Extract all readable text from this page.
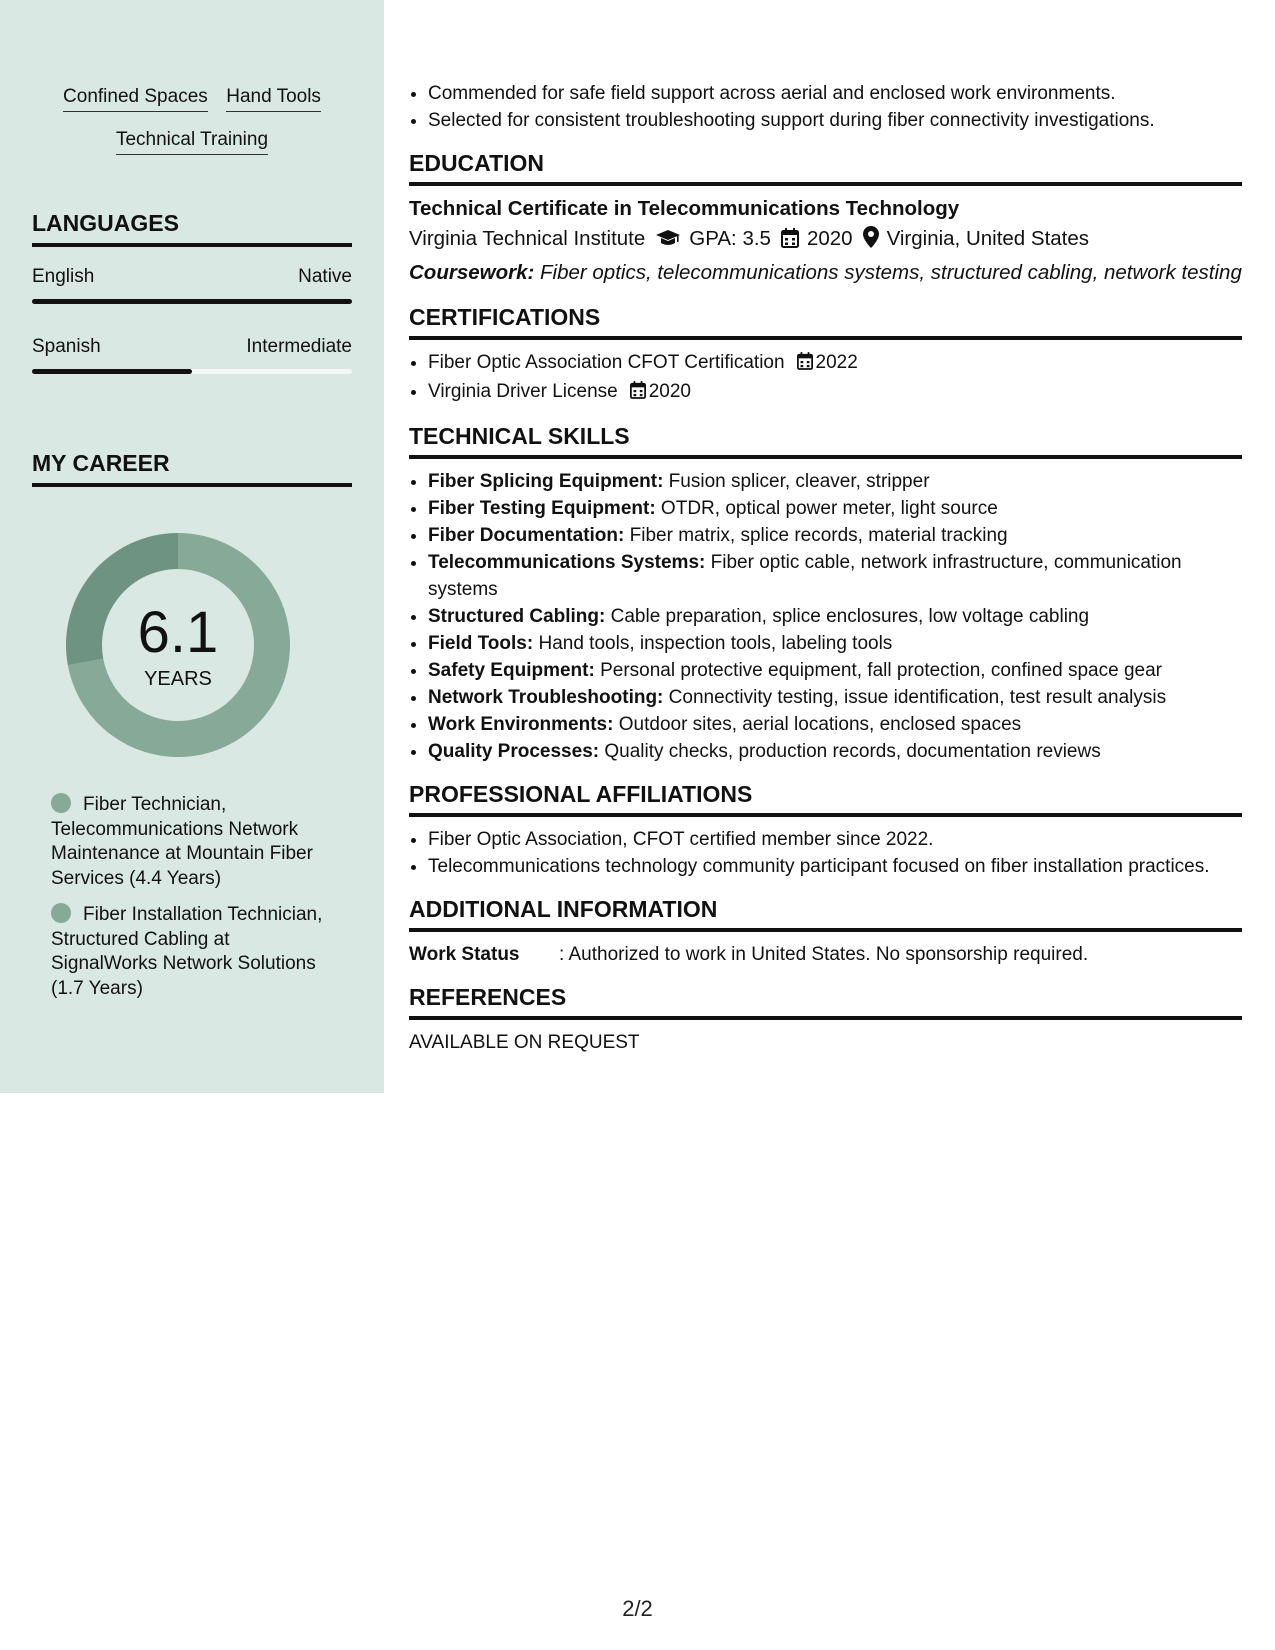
Confined Spaces Hand Tools
Technical Training
LANGUAGES
English	Native
Spanish	Intermediate
MY CAREER
6.1
YEARS
Fiber Technician, Telecommunications Network Maintenance at Mountain Fiber Services (4.4 Years)
Fiber Installation Technician, Structured Cabling at SignalWorks Network Solutions (1.7 Years)
• Commended for safe field support across aerial and enclosed work environments.
• Selected for consistent troubleshooting support during fiber connectivity investigations.
EDUCATION
Technical Certificate in Telecommunications Technology
Virginia Technical Institute GPA: 3.5 2020 Virginia, United States
Coursework: Fiber optics, telecommunications systems, structured cabling, network testing
CERTIFICATIONS
• Fiber Optic Association CFOT Certification 2022
• Virginia Driver License 2020
TECHNICAL SKILLS
• Fiber Splicing Equipment: Fusion splicer, cleaver, stripper
• Fiber Testing Equipment: OTDR, optical power meter, light source
• Fiber Documentation: Fiber matrix, splice records, material tracking
• Telecommunications Systems: Fiber optic cable, network infrastructure, communication systems
• Structured Cabling: Cable preparation, splice enclosures, low voltage cabling
• Field Tools: Hand tools, inspection tools, labeling tools
• Safety Equipment: Personal protective equipment, fall protection, confined space gear
• Network Troubleshooting: Connectivity testing, issue identification, test result analysis
• Work Environments: Outdoor sites, aerial locations, enclosed spaces
• Quality Processes: Quality checks, production records, documentation reviews
PROFESSIONAL AFFILIATIONS
• Fiber Optic Association, CFOT certified member since 2022.
• Telecommunications technology community participant focused on fiber installation practices.
ADDITIONAL INFORMATION
Work Status : Authorized to work in United States. No sponsorship required.
REFERENCES
AVAILABLE ON REQUEST
2/2
